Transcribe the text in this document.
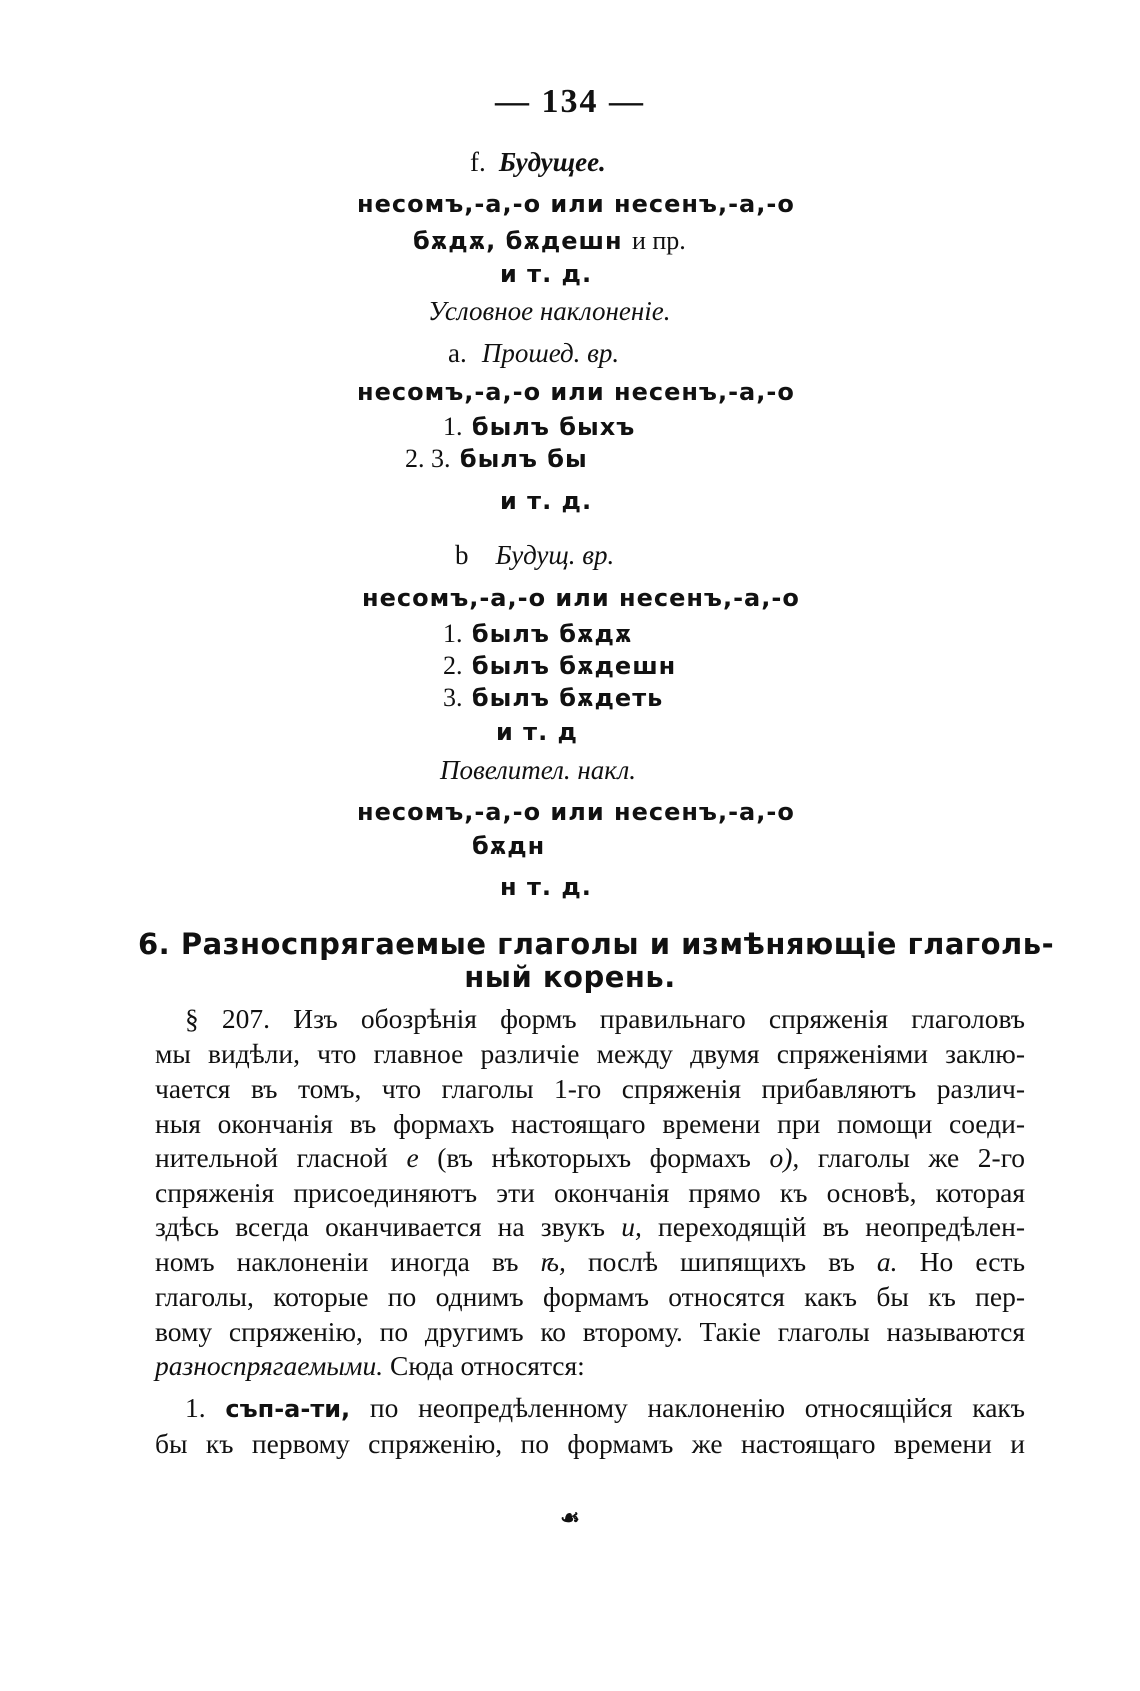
— 134 —
f. Будущее.
несомъ,-а,-о или несенъ,-а,-о
бѫдѫ, бѫдешн и пр.
и т. д.
Условное наклоненіе.
a. Прошед. вр.
несомъ,-а,-о или несенъ,-а,-о
1. былъ быхъ
2. 3. былъ бы
и т. д.
b Будущ. вр.
несомъ,-а,-о или несенъ,-а,-о
1. былъ бѫдѫ
2. былъ бѫдешн
3. былъ бѫдеть
и т. д
Повелител. накл.
несомъ,-а,-о или несенъ,-а,-о
бѫдн
н т. д.
6. Разноспрягаемые глаголы и измѣняющіе глаголь-
ный корень.
§ 207. Изъ обозрѣнія формъ правильнаго спряженія глаголовъ
мы видѣли, что главное различіе между двумя спряженіями заклю-
чается въ томъ, что глаголы 1-го спряженія прибавляютъ различ-
ныя окончанія въ формахъ настоящаго времени при помощи соеди-
нительной гласной е (въ нѣкоторыхъ формахъ о), глаголы же 2-го
спряженія присоединяютъ эти окончанія прямо къ основѣ, которая
здѣсь всегда оканчивается на звукъ и, переходящій въ неопредѣлен-
номъ наклоненіи иногда въ ѣ, послѣ шипящихъ въ а. Но есть
глаголы, которые по однимъ формамъ относятся какъ бы къ пер-
вому спряженію, по другимъ ко второму. Такіе глаголы называются
разноспрягаемыми. Сюда относятся:
1. съп-а-ти, по неопредѣленному наклоненію относящійся какъ
бы къ первому спряженію, по формамъ же настоящаго времени и
☙
